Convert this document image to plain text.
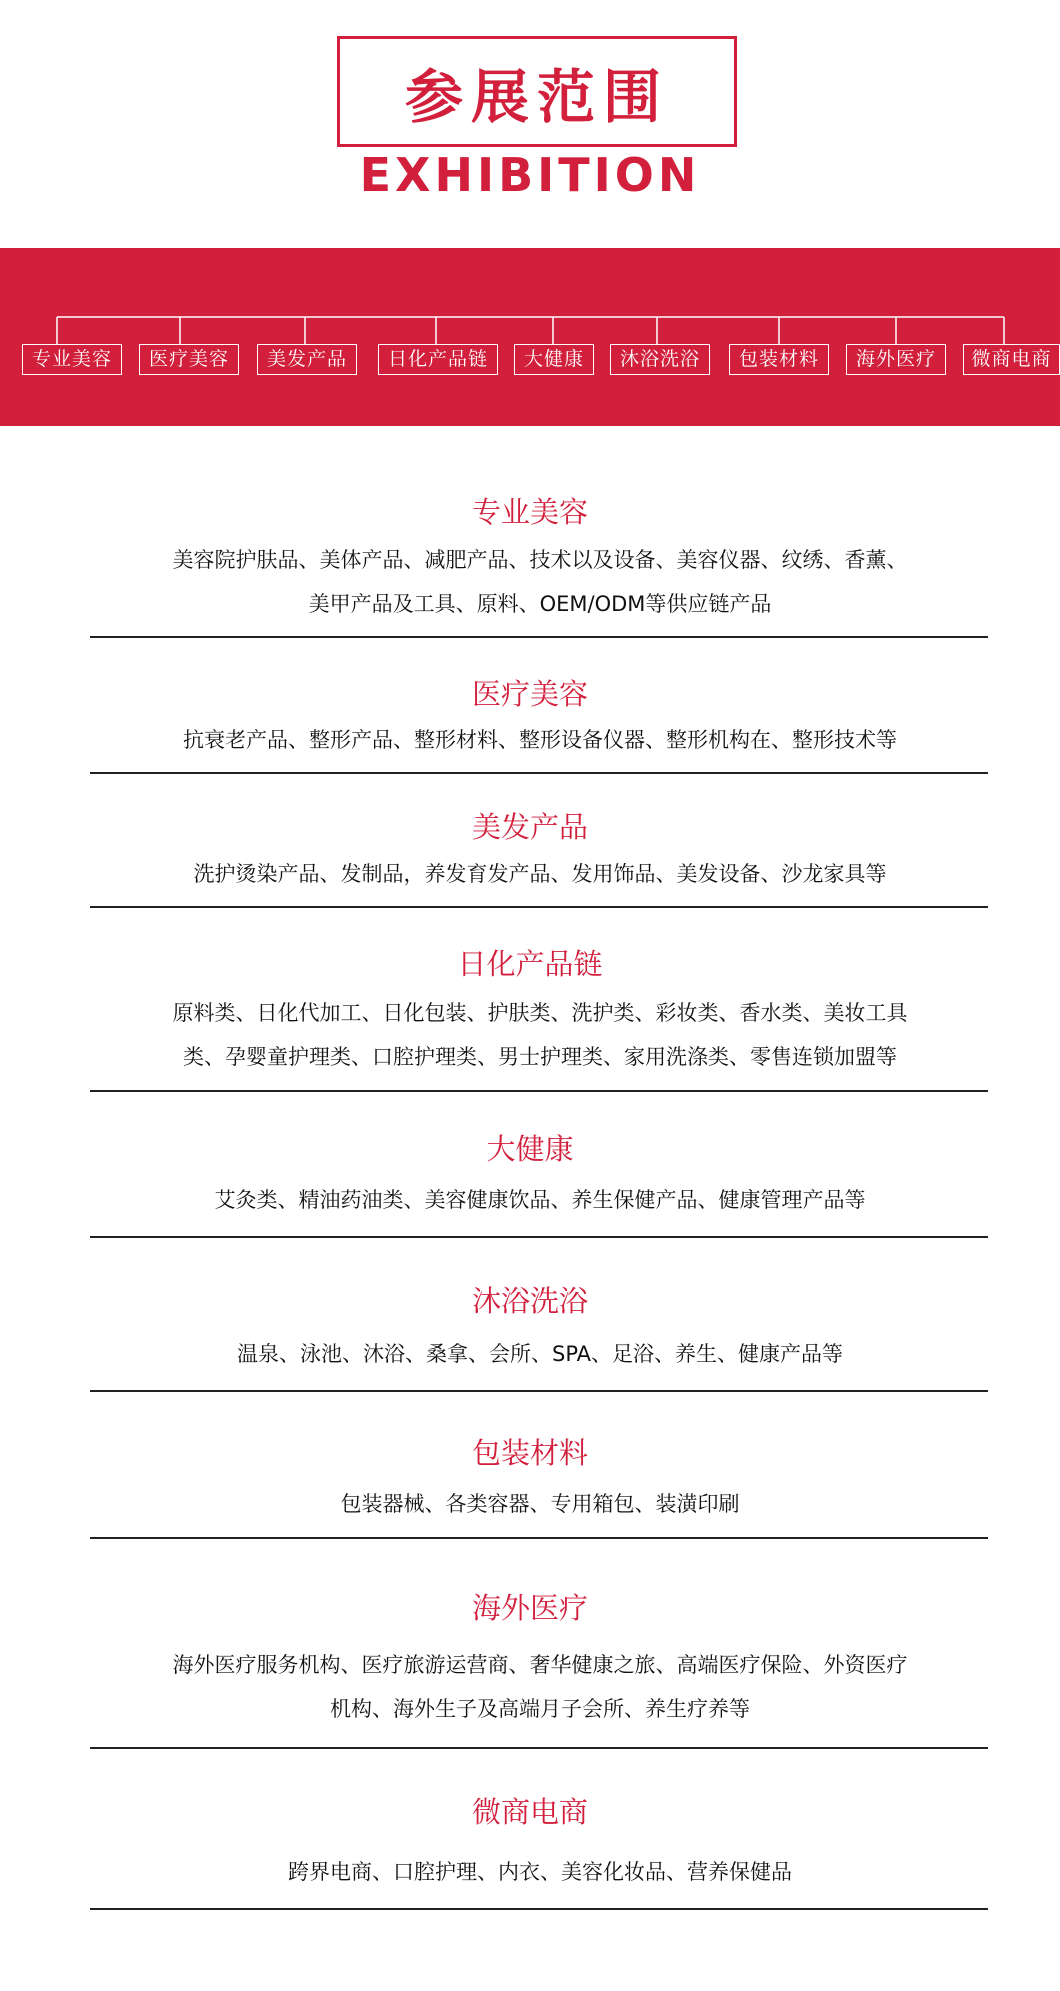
参展范围
EXHIBITION
专业美容	医疗美容	美发产品	日化产品链	大健康	沐浴洗浴	包装材料	海外医疗	微商电商
专业美容
美容院护肤品、美体产品、减肥产品、技术以及设备、美容仪器、纹绣、香薰、
美甲产品及工具、原料、OEM/ODM等供应链产品
医疗美容
抗衰老产品、整形产品、整形材料、整形设备仪器、整形机构在、整形技术等
美发产品
洗护烫染产品、发制品，养发育发产品、发用饰品、美发设备、沙龙家具等
日化产品链
原料类、日化代加工、日化包装、护肤类、洗护类、彩妆类、香水类、美妆工具
类、孕婴童护理类、口腔护理类、男士护理类、家用洗涤类、零售连锁加盟等
大健康
艾灸类、精油药油类、美容健康饮品、养生保健产品、健康管理产品等
沐浴洗浴
温泉、泳池、沐浴、桑拿、会所、SPA、足浴、养生、健康产品等
包装材料
包装器械、各类容器、专用箱包、装潢印刷
海外医疗
海外医疗服务机构、医疗旅游运营商、奢华健康之旅、高端医疗保险、外资医疗
机构、海外生子及高端月子会所、养生疗养等
微商电商
跨界电商、口腔护理、内衣、美容化妆品、营养保健品
